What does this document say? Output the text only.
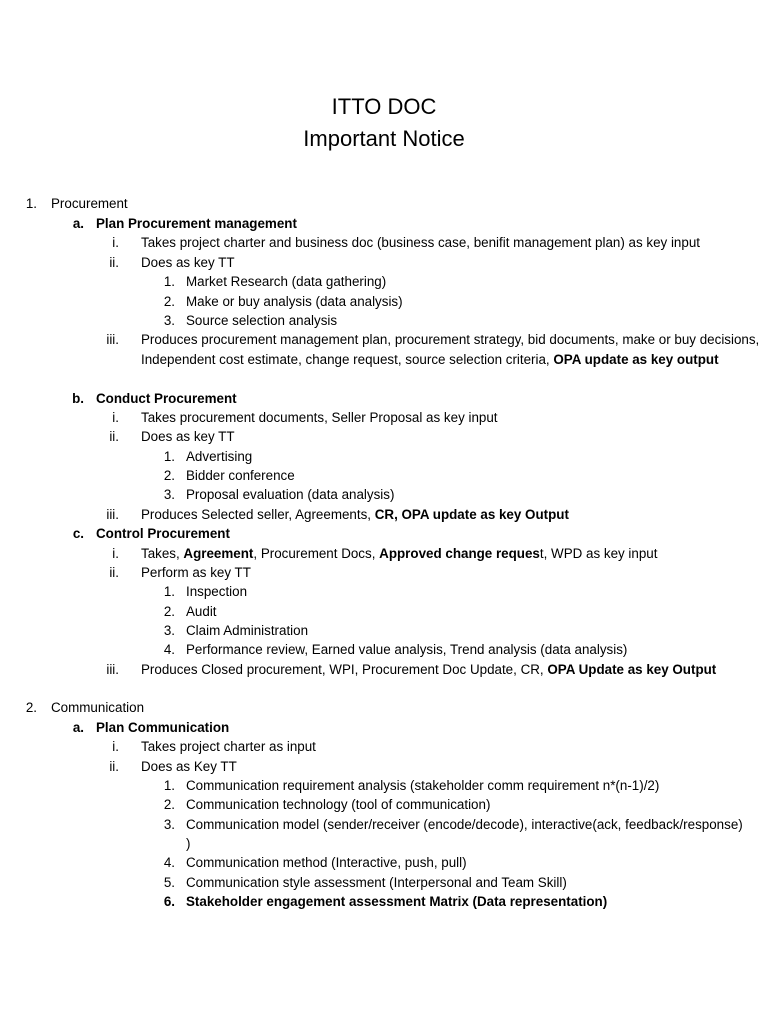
ITTO DOC
Important Notice
1. Procurement
a. Plan Procurement management
i. Takes project charter and business doc (business case, benifit management plan) as key input
ii. Does as key TT
1. Market Research (data gathering)
2. Make or buy analysis (data analysis)
3. Source selection analysis
iii. Produces procurement management plan, procurement strategy, bid documents, make or buy decisions, Independent cost estimate, change request, source selection criteria, OPA update as key output
b. Conduct Procurement
i. Takes procurement documents, Seller Proposal as key input
ii. Does as key TT
1. Advertising
2. Bidder conference
3. Proposal evaluation (data analysis)
iii. Produces Selected seller, Agreements, CR, OPA update as key Output
c. Control Procurement
i. Takes, Agreement, Procurement Docs, Approved change request, WPD as key input
ii. Perform as key TT
1. Inspection
2. Audit
3. Claim Administration
4. Performance review, Earned value analysis, Trend analysis (data analysis)
iii. Produces Closed procurement, WPI, Procurement Doc Update, CR, OPA Update as key Output
2. Communication
a. Plan Communication
i. Takes project charter as input
ii. Does as Key TT
1. Communication requirement analysis (stakeholder comm requirement n*(n-1)/2)
2. Communication technology (tool of communication)
3. Communication model (sender/receiver (encode/decode), interactive(ack, feedback/response)
)
4. Communication method (Interactive, push, pull)
5. Communication style assessment (Interpersonal and Team Skill)
6. Stakeholder engagement assessment Matrix (Data representation)
